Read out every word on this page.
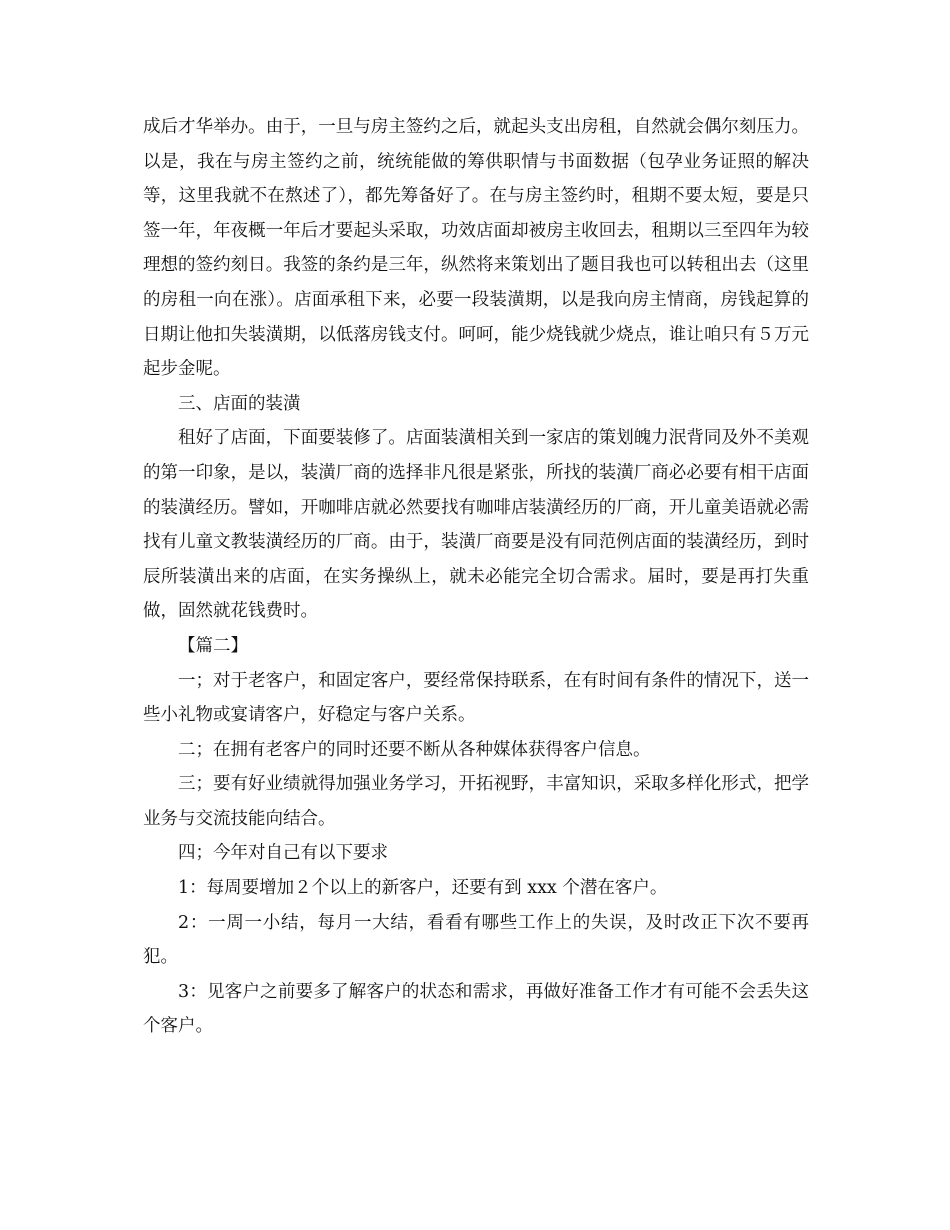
成后才华举办。由于，一旦与房主签约之后，就起头支出房租，自然就会偶尔刻压力。以是，我在与房主签约之前，统统能做的筹供职情与书面数据（包孕业务证照的解决等，这里我就不在熬述了），都先筹备好了。在与房主签约时，租期不要太短，要是只签一年，年夜概一年后才要起头采取，功效店面却被房主收回去，租期以三至四年为较理想的签约刻日。我签的条约是三年，纵然将来策划出了题目我也可以转租出去（这里的房租一向在涨）。店面承租下来，必要一段装潢期，以是我向房主情商，房钱起算的日期让他扣失装潢期，以低落房钱支付。呵呵，能少烧钱就少烧点，谁让咱只有５万元起步金呢。

三、店面的装潢

租好了店面，下面要装修了。店面装潢相关到一家店的策划魄力泯背同及外不美观的第一印象，是以，装潢厂商的选择非凡很是紧张，所找的装潢厂商必必要有相干店面的装潢经历。譬如，开咖啡店就必然要找有咖啡店装潢经历的厂商，开儿童美语就必需找有儿童文教装潢经历的厂商。由于，装潢厂商要是没有同范例店面的装潢经历，到时辰所装潢出来的店面，在实务操纵上，就未必能完全切合需求。届时，要是再打失重做，固然就花钱费时。

【篇二】

一；对于老客户，和固定客户，要经常保持联系，在有时间有条件的情况下，送一些小礼物或宴请客户，好稳定与客户关系。

二；在拥有老客户的同时还要不断从各种媒体获得客户信息。

三；要有好业绩就得加强业务学习，开拓视野，丰富知识，采取多样化形式，把学业务与交流技能向结合。

四；今年对自己有以下要求

1：每周要增加２个以上的新客户，还要有到 xxx 个潜在客户。

2：一周一小结，每月一大结，看看有哪些工作上的失误，及时改正下次不要再犯。

3：见客户之前要多了解客户的状态和需求，再做好准备工作才有可能不会丢失这个客户。
